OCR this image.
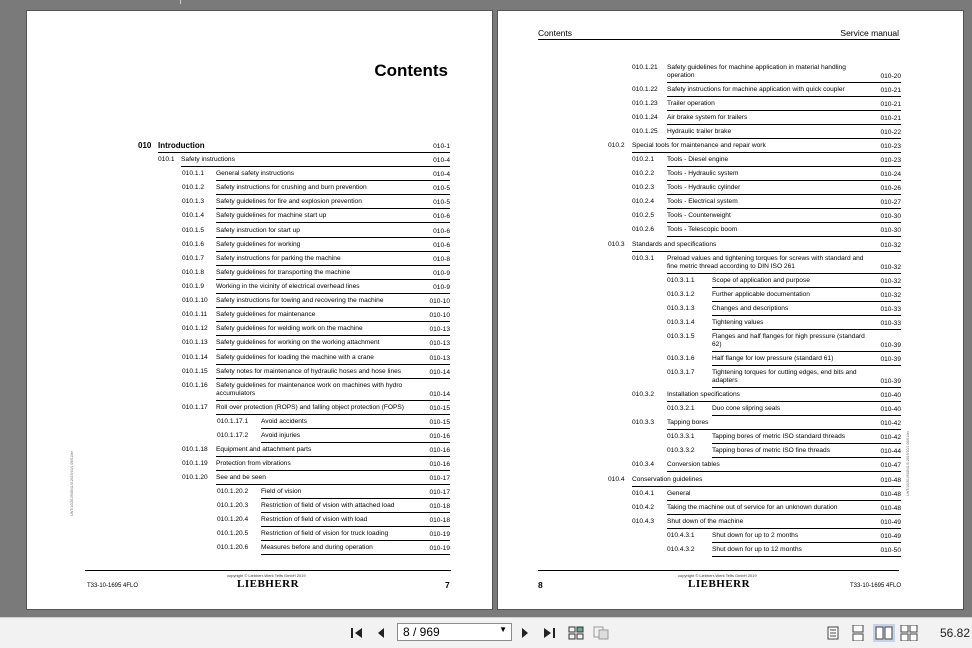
Contents
010 Introduction	010-1
010.1 Safety instructions	010-4
010.1.1 General safety instructions	010-4
010.1.2 Safety instructions for crushing and burn prevention	010-5
010.1.3 Safety guidelines for fire and explosion prevention	010-5
010.1.4 Safety guidelines for machine start up	010-6
010.1.5 Safety instruction for start up	010-6
010.1.6 Safety guidelines for working	010-6
010.1.7 Safety instructions for parking the machine	010-8
010.1.8 Safety guidelines for transporting the machine	010-9
010.1.9 Working in the vicinity of electrical overhead lines	010-9
010.1.10 Safety instructions for towing and recovering the machine	010-10
010.1.11 Safety guidelines for maintenance	010-10
010.1.12 Safety guidelines for welding work on the machine	010-13
010.1.13 Safety guidelines for working on the working attachment	010-13
010.1.14 Safety guidelines for loading the machine with a crane	010-13
010.1.15 Safety notes for maintenance of hydraulic hoses and hose lines	010-14
010.1.16 Safety guidelines for maintenance work on machines with hydro accumulators	010-14
010.1.17 Roll over protection (ROPS) and falling object protection (FOPS)	010-15
010.1.17.1 Avoid accidents	010-15
010.1.17.2 Avoid injuries	010-16
010.1.18 Equipment and attachment parts	010-16
010.1.19 Protection from vibrations	010-16
010.1.20 See and be seen	010-17
010.1.20.2 Field of vision	010-17
010.1.20.3 Restriction of field of vision with attached load	010-18
010.1.20.4 Restriction of field of vision with load	010-18
010.1.20.5 Restriction of field of vision for truck loading	010-19
010.1.20.6 Measures before and during operation	010-19
LWT/10/2019/08/41/0-2019/10/1 06/01/ler
T33-10-1695 4FLO
copyright © Liebherr-Werk Telfs GmbH 2019
LIEBHERR	7
Contents	Service manual
010.1.21 Safety guidelines for machine application in material handling operation	010-20
010.1.22 Safety instructions for machine application with quick coupler	010-21
010.1.23 Trailer operation	010-21
010.1.24 Air brake system for trailers	010-21
010.1.25 Hydraulic trailer brake	010-22
010.2 Special tools for maintenance and repair work	010-23
010.2.1 Tools - Diesel engine	010-23
010.2.2 Tools - Hydraulic system	010-24
010.2.3 Tools - Hydraulic cylinder	010-26
010.2.4 Tools - Electrical system	010-27
010.2.5 Tools - Counterweight	010-30
010.2.6 Tools - Telescopic boom	010-30
010.3 Standards and specifications	010-32
010.3.1 Preload values and tightening torques for screws with standard and fine metric thread according to DIN ISO 261	010-32
010.3.1.1	Scope of application and purpose	010-32
010.3.1.2	Further applicable documentation	010-32
010.3.1.3	Changes and descriptions	010-33
010.3.1.4	Tightening values	010-33
010.3.1.5	Flanges and half flanges for high pressure (standard 62)	010-39
010.3.1.6	Half flange for low pressure (standard 61)	010-39
010.3.1.7	Tightening torques for cutting edges, end bits and adapters	010-39
010.3.2 Installation specifications	010-40
010.3.2.1	Duo cone slipring seals	010-40
010.3.3 Tapping bores	010-42
010.3.3.1	Tapping bores of metric ISO standard threads	010-42
010.3.3.2	Tapping bores of metric ISO fine threads	010-44
010.3.4 Conversion tables	010-47
010.4 Conservation guidelines	010-48
010.4.1 General	010-48
010.4.2 Taking the machine out of service for an unknown duration	010-48
010.4.3 Shut down of the machine	010-49
010.4.3.1	Shut down for up to 2 months	010-49
010.4.3.2	Shut down for up to 12 months	010-50
LWT/10/2019/08/41/0-2019/10/1 06/01/ler
8
copyright © Liebherr-Werk Telfs GmbH 2019
LIEBHERR	T33-10-1695 4FLO
8 / 969	▼	56.82
